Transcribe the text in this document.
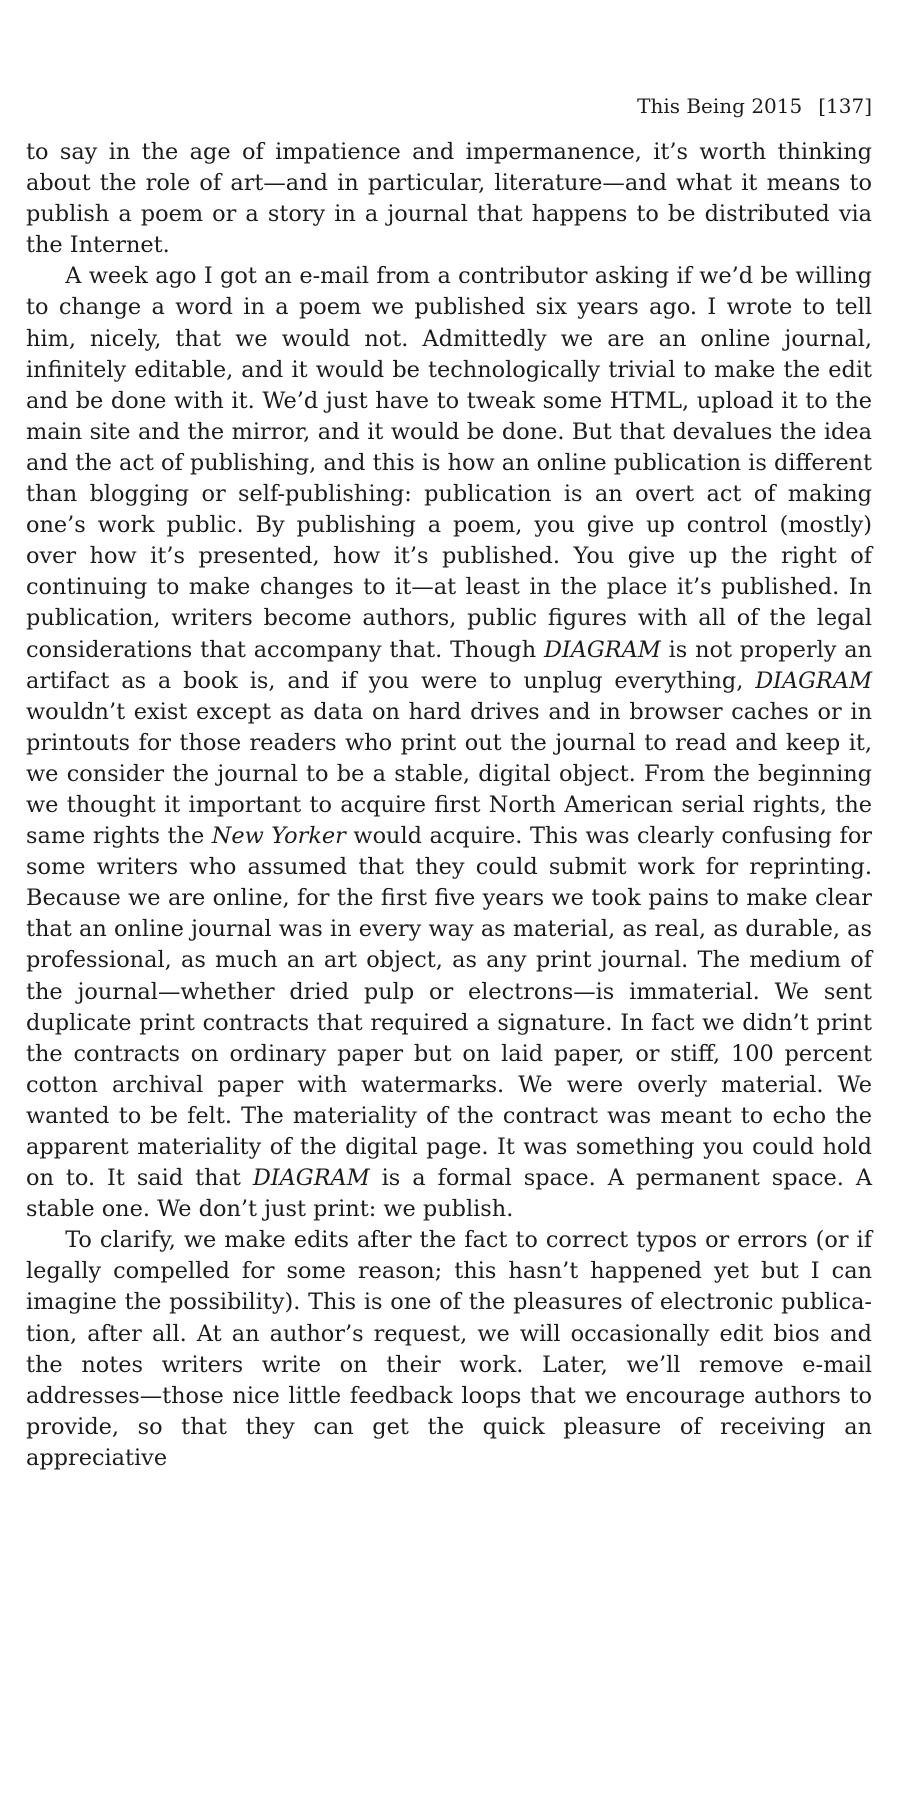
This Being 2015 [137]

to say in the age of impatience and impermanence, it’s worth thinking about the role of art—and in particular, literature—and what it means to publish a poem or a story in a journal that happens to be distributed via the Internet.

A week ago I got an e-mail from a contributor asking if we’d be willing to change a word in a poem we published six years ago. I wrote to tell him, nicely, that we would not. Admittedly we are an online journal, infinitely editable, and it would be technologically trivial to make the edit and be done with it. We’d just have to tweak some HTML, upload it to the main site and the mirror, and it would be done. But that devalues the idea and the act of publishing, and this is how an online publication is different than blogging or self-publishing: publication is an overt act of making one’s work public. By publishing a poem, you give up control (mostly) over how it’s presented, how it’s published. You give up the right of continuing to make changes to it—at least in the place it’s published. In publication, writers become authors, public figures with all of the legal considerations that accompany that. Though DIAGRAM is not properly an artifact as a book is, and if you were to unplug everything, DIAGRAM wouldn’t exist except as data on hard drives and in browser caches or in printouts for those readers who print out the journal to read and keep it, we consider the journal to be a stable, digital object. From the beginning we thought it important to acquire first North American serial rights, the same rights the New Yorker would acquire. This was clearly confusing for some writers who assumed that they could submit work for reprinting. Because we are online, for the first five years we took pains to make clear that an online journal was in every way as material, as real, as durable, as professional, as much an art object, as any print journal. The medium of the journal—whether dried pulp or electrons—is immaterial. We sent duplicate print contracts that required a signature. In fact we didn’t print the contracts on ordinary paper but on laid paper, or stiff, 100 percent cotton archival paper with watermarks. We were overly material. We wanted to be felt. The materiality of the contract was meant to echo the apparent materiality of the digital page. It was something you could hold on to. It said that DIAGRAM is a formal space. A permanent space. A stable one. We don’t just print: we publish.

To clarify, we make edits after the fact to correct typos or errors (or if legally compelled for some reason; this hasn’t happened yet but I can imagine the possibility). This is one of the pleasures of electronic publication, after all. At an author’s request, we will occasionally edit bios and the notes writers write on their work. Later, we’ll remove e-mail addresses—those nice little feedback loops that we encourage authors to provide, so that they can get the quick pleasure of receiving an appreciative
